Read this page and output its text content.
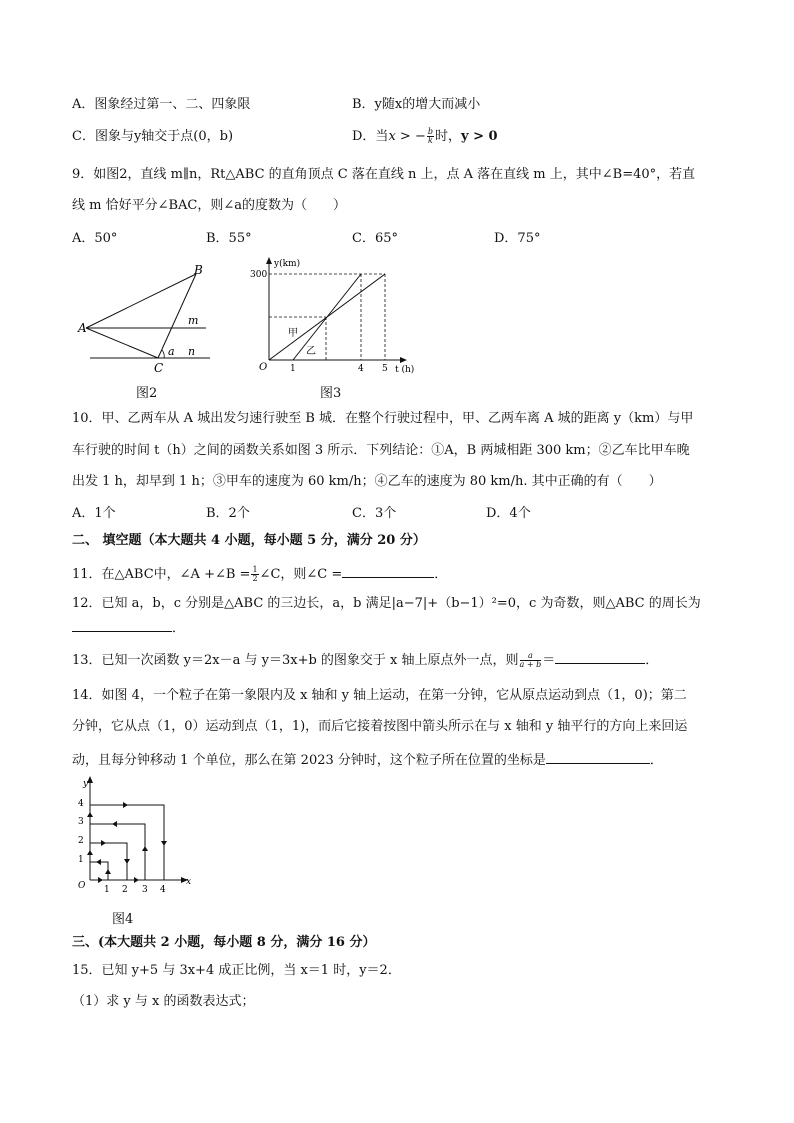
A．图象经过第一、二、四象限	B．y随x的增大而减小
C．图象与y轴交于点(0，b)	D．当x > − $\frac{b}{k}$ 时，y > 0
9．如图2，直线 m∥n，Rt△ABC 的直角顶点 C 落在直线 n 上，点 A 落在直线 m 上，其中∠B=40°，若直
线 m 恰好平分∠BAC，则∠a的度数为（　　）
A．50°	B．55°	C．65°	D．75°
A
B
C
m
n
a
图2
y(km)
t (h)
O
300
1	4 5
甲
乙
图3
10．甲、乙两车从 A 城出发匀速行驶至 B 城．在整个行驶过程中，甲、乙两车离 A 城的距离 y（km）与甲
车行驶的时间 t（h）之间的函数关系如图 3 所示．下列结论：①A，B 两城相距 300 km；②乙车比甲车晚
出发 1 h，却早到 1 h；③甲车的速度为 60 km/h；④乙车的速度为 80 km/h. 其中正确的有（　　）
A．1个	B．2个	C．3个	D．4个
二、 填空题（本大题共 4 小题，每小题 5 分，满分 20 分）
11．在△ABC中，∠A +∠B = $\frac{1}{2}$ ∠C，则∠C =	．
12．已知 a，b，c 分别是△ABC 的三边长，a，b 满足|a−7|+（b−1）²=0，c 为奇数，则△ABC 的周长为
．
13．已知一次函数 y＝2x－a 与 y＝3x+b 的图象交于 x 轴上原点外一点，则 $\frac{a}{a + b}$ ＝	．
14．如图 4，一个粒子在第一象限内及 x 轴和 y 轴上运动，在第一分钟，它从原点运动到点（1，0)；第二
分钟，它从点（1，0）运动到点（1，1)，而后它接着按图中箭头所示在与 x 轴和 y 轴平行的方向上来回运
动，且每分钟移动 1 个单位，那么在第 2023 分钟时，这个粒子所在位置的坐标是	．
y
x
O 1 2 3 4
1
2
3
4
图4
三、(本大题共 2 小题，每小题 8 分，满分 16 分）
15．已知 y+5 与 3x+4 成正比例，当 x＝1 时，y＝2．
（1）求 y 与 x 的函数表达式；
